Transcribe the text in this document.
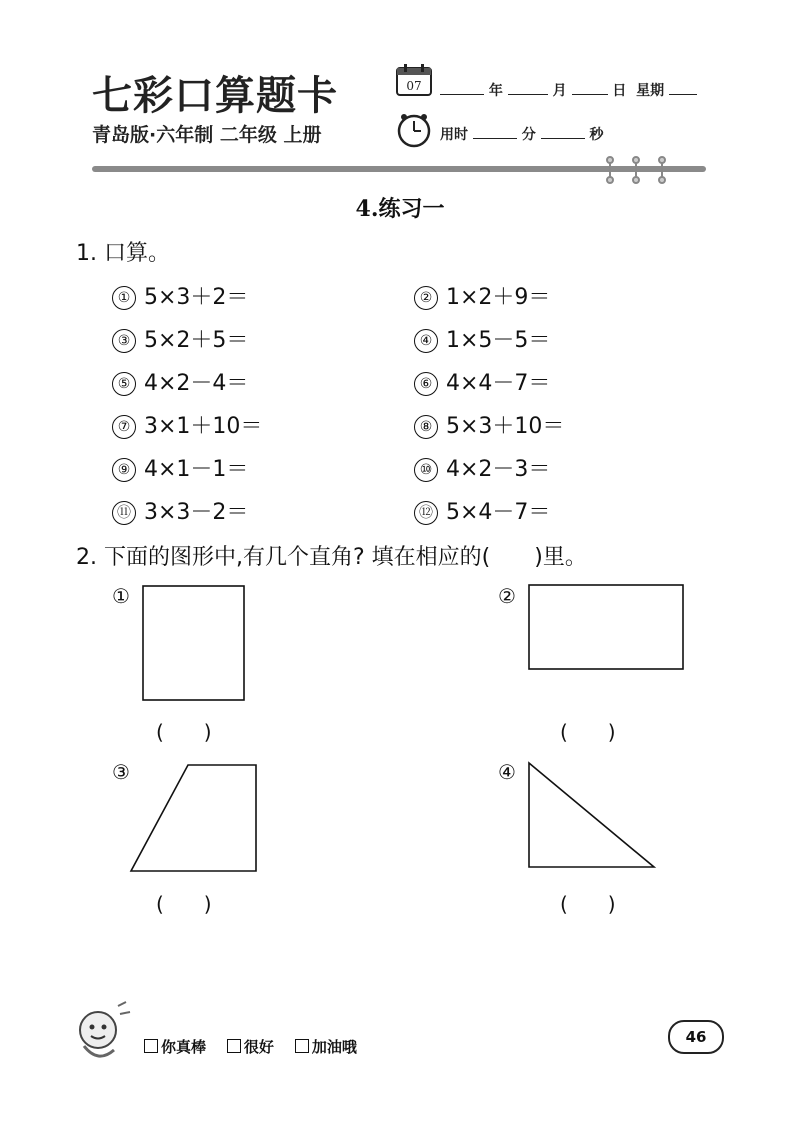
七彩口算题卡
青岛版·六年制 二年级 上册
07	年	月	日 星期
用时	分	秒
4.练习一
1. 口算。
① 5×3＋2＝	② 1×2＋9＝
③ 5×2＋5＝	④ 1×5－5＝
⑤ 4×2－4＝	⑥ 4×4－7＝
⑦ 3×1＋10＝	⑧ 5×3＋10＝
⑨ 4×1－1＝	⑩ 4×2－3＝
⑪ 3×3－2＝	⑫ 5×4－7＝
2. 下面的图形中,有几个直角? 填在相应的(　　)里。
①
(　　)
②
(　　)
③
(　　)
④
(　　)
你真棒	很好	加油哦
46
